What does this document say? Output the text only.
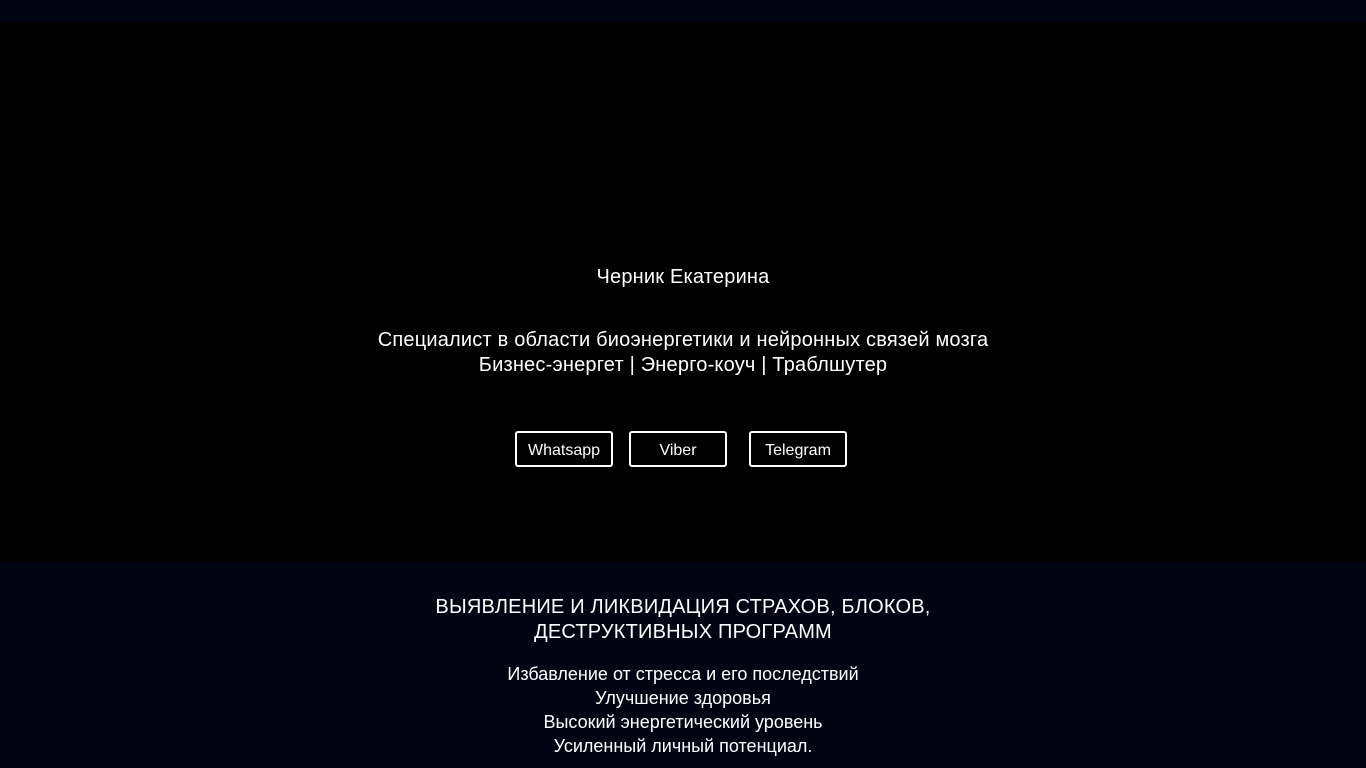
Черник Екатерина
Специалист в области биоэнергетики и нейронных связей мозга
Бизнес-энергет | Энерго-коуч | Траблшутер
Whatsapp	Viber	Telegram
ВЫЯВЛЕНИЕ И ЛИКВИДАЦИЯ СТРАХОВ, БЛОКОВ,
ДЕСТРУКТИВНЫХ ПРОГРАММ
Избавление от стресса и его последствий
Улучшение здоровья
Высокий энергетический уровень
Усиленный личный потенциал.
